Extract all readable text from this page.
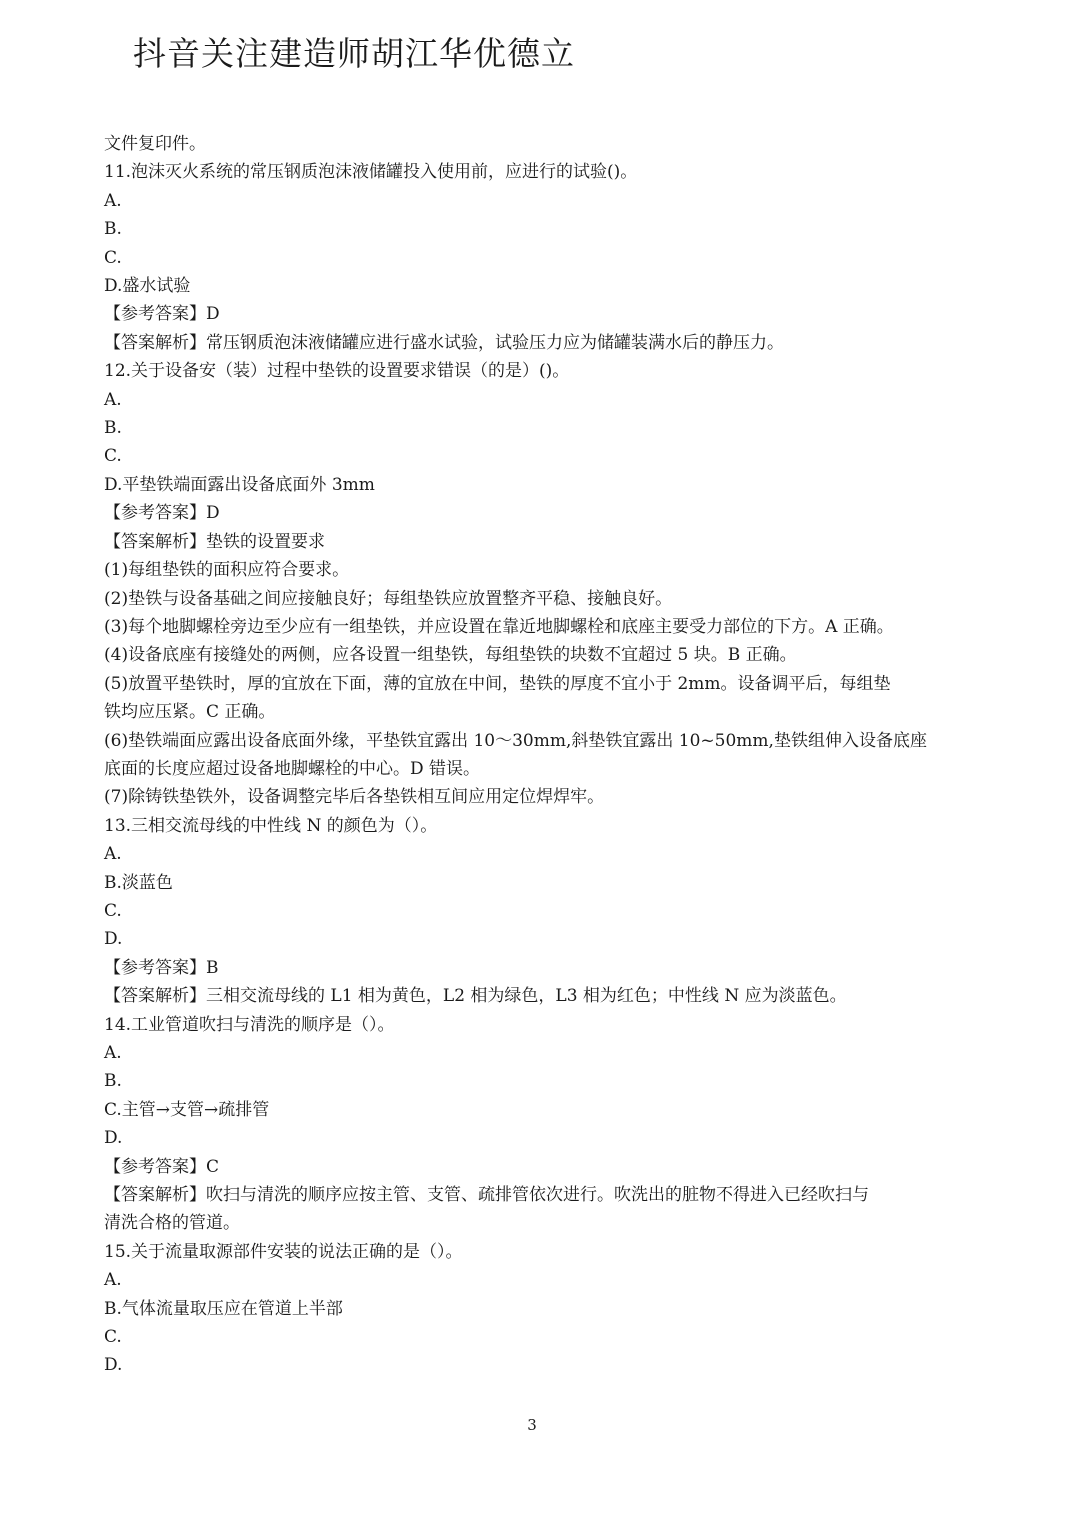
抖音关注建造师胡江华优德立
文件复印件。
11.泡沫灭火系统的常压钢质泡沫液储罐投入使用前，应进行的试验()。
A.
B.
C.
D.盛水试验
【参考答案】D
【答案解析】常压钢质泡沫液储罐应进行盛水试验，试验压力应为储罐装满水后的静压力。
12.关于设备安（装）过程中垫铁的设置要求错误（的是）()。
A.
B.
C.
D.平垫铁端面露出设备底面外 3mm
【参考答案】D
【答案解析】垫铁的设置要求
(1)每组垫铁的面积应符合要求。
(2)垫铁与设备基础之间应接触良好；每组垫铁应放置整齐平稳、接触良好。
(3)每个地脚螺栓旁边至少应有一组垫铁，并应设置在靠近地脚螺栓和底座主要受力部位的下方。A 正确。
(4)设备底座有接缝处的两侧，应各设置一组垫铁，每组垫铁的块数不宜超过 5 块。B 正确。
(5)放置平垫铁时，厚的宜放在下面，薄的宜放在中间，垫铁的厚度不宜小于 2mm。设备调平后，每组垫
铁均应压紧。C 正确。
(6)垫铁端面应露出设备底面外缘，平垫铁宜露出 10～30mm,斜垫铁宜露出 10~50mm,垫铁组伸入设备底座
底面的长度应超过设备地脚螺栓的中心。D 错误。
(7)除铸铁垫铁外，设备调整完毕后各垫铁相互间应用定位焊焊牢。
13.三相交流母线的中性线 N 的颜色为（）。
A.
B.淡蓝色
C.
D.
【参考答案】B
【答案解析】三相交流母线的 L1 相为黄色，L2 相为绿色，L3 相为红色；中性线 N 应为淡蓝色。
14.工业管道吹扫与清洗的顺序是（）。
A.
B.
C.主管→支管→疏排管
D.
【参考答案】C
【答案解析】吹扫与清洗的顺序应按主管、支管、疏排管依次进行。吹洗出的脏物不得进入已经吹扫与
清洗合格的管道。
15.关于流量取源部件安装的说法正确的是（）。
A.
B.气体流量取压应在管道上半部
C.
D.
3
